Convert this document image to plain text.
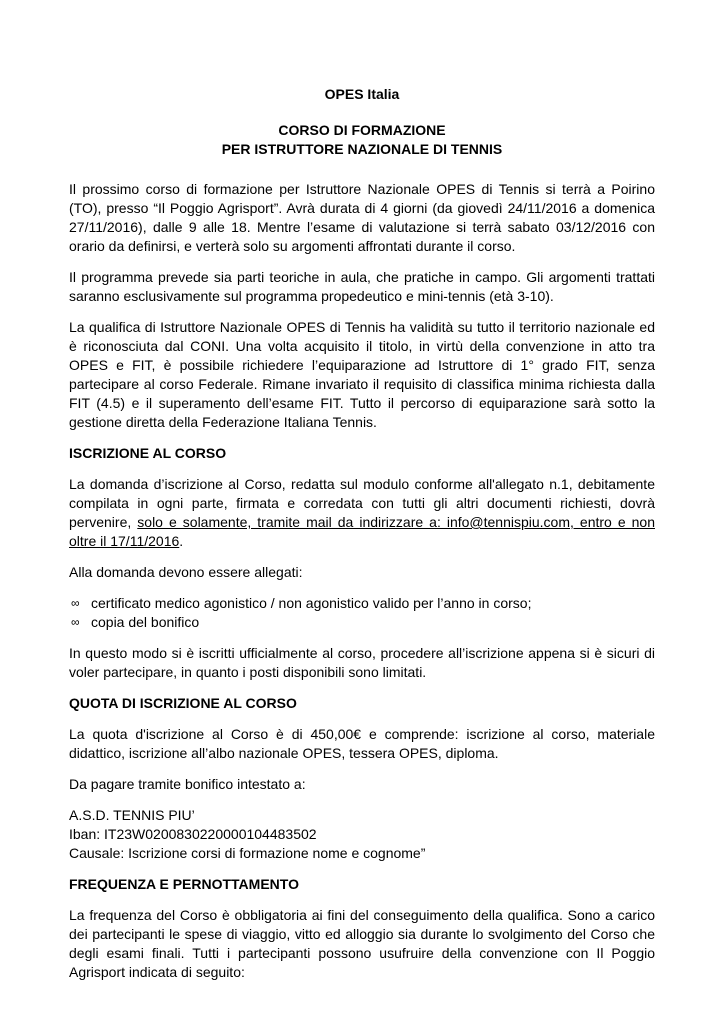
OPES Italia
CORSO DI FORMAZIONE
PER ISTRUTTORE NAZIONALE DI TENNIS

Il prossimo corso di formazione per Istruttore Nazionale OPES di Tennis si terrà a Poirino (TO), presso “Il Poggio Agrisport”. Avrà durata di 4 giorni (da giovedì 24/11/2016 a domenica 27/11/2016), dalle 9 alle 18. Mentre l’esame di valutazione si terrà sabato 03/12/2016 con orario da definirsi, e verterà solo su argomenti affrontati durante il corso.

Il programma prevede sia parti teoriche in aula, che pratiche in campo. Gli argomenti trattati saranno esclusivamente sul programma propedeutico e mini-tennis (età 3-10).

La qualifica di Istruttore Nazionale OPES di Tennis ha validità su tutto il territorio nazionale ed è riconosciuta dal CONI. Una volta acquisito il titolo, in virtù della convenzione in atto tra OPES e FIT, è possibile richiedere l’equiparazione ad Istruttore di 1° grado FIT, senza partecipare al corso Federale. Rimane invariato il requisito di classifica minima richiesta dalla FIT (4.5) e il superamento dell’esame FIT. Tutto il percorso di equiparazione sarà sotto la gestione diretta della Federazione Italiana Tennis.

ISCRIZIONE AL CORSO

La domanda d’iscrizione al Corso, redatta sul modulo conforme all'allegato n.1, debitamente compilata in ogni parte, firmata e corredata con tutti gli altri documenti richiesti, dovrà pervenire, solo e solamente, tramite mail da indirizzare a: info@tennispiu.com, entro e non oltre il 17/11/2016.

Alla domanda devono essere allegati:

∞ certificato medico agonistico / non agonistico valido per l’anno in corso;
∞ copia del bonifico

In questo modo si è iscritti ufficialmente al corso, procedere all’iscrizione appena si è sicuri di voler partecipare, in quanto i posti disponibili sono limitati.

QUOTA DI ISCRIZIONE AL CORSO

La quota d'iscrizione al Corso è di 450,00€ e comprende: iscrizione al corso, materiale didattico, iscrizione all’albo nazionale OPES, tessera OPES, diploma.

Da pagare tramite bonifico intestato a:

A.S.D. TENNIS PIU’
Iban: IT23W0200830220000104483502
Causale: Iscrizione corsi di formazione nome e cognome”
FREQUENZA E PERNOTTAMENTO

La frequenza del Corso è obbligatoria ai fini del conseguimento della qualifica. Sono a carico dei partecipanti le spese di viaggio, vitto ed alloggio sia durante lo svolgimento del Corso che degli esami finali. Tutti i partecipanti possono usufruire della convenzione con Il Poggio Agrisport indicata di seguito:
